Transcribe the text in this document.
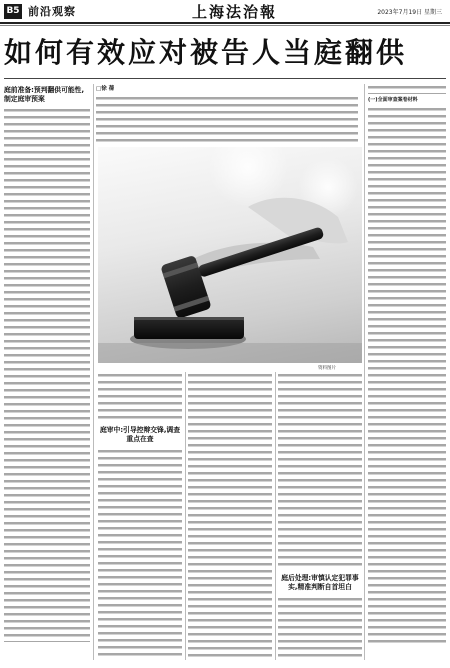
B5 前沿观察	上海法治報	2023年7月19日 星期三
如何有效应对被告人当庭翻供
庭前准备:预判翻供可能性,制定庭审预案
□徐 蒨
资料图片
庭审中:引导控辩交锋,调查重点在查
庭后处理:审慎认定犯罪事实,精准判断自首坦白
(一)全面审查案卷材料
